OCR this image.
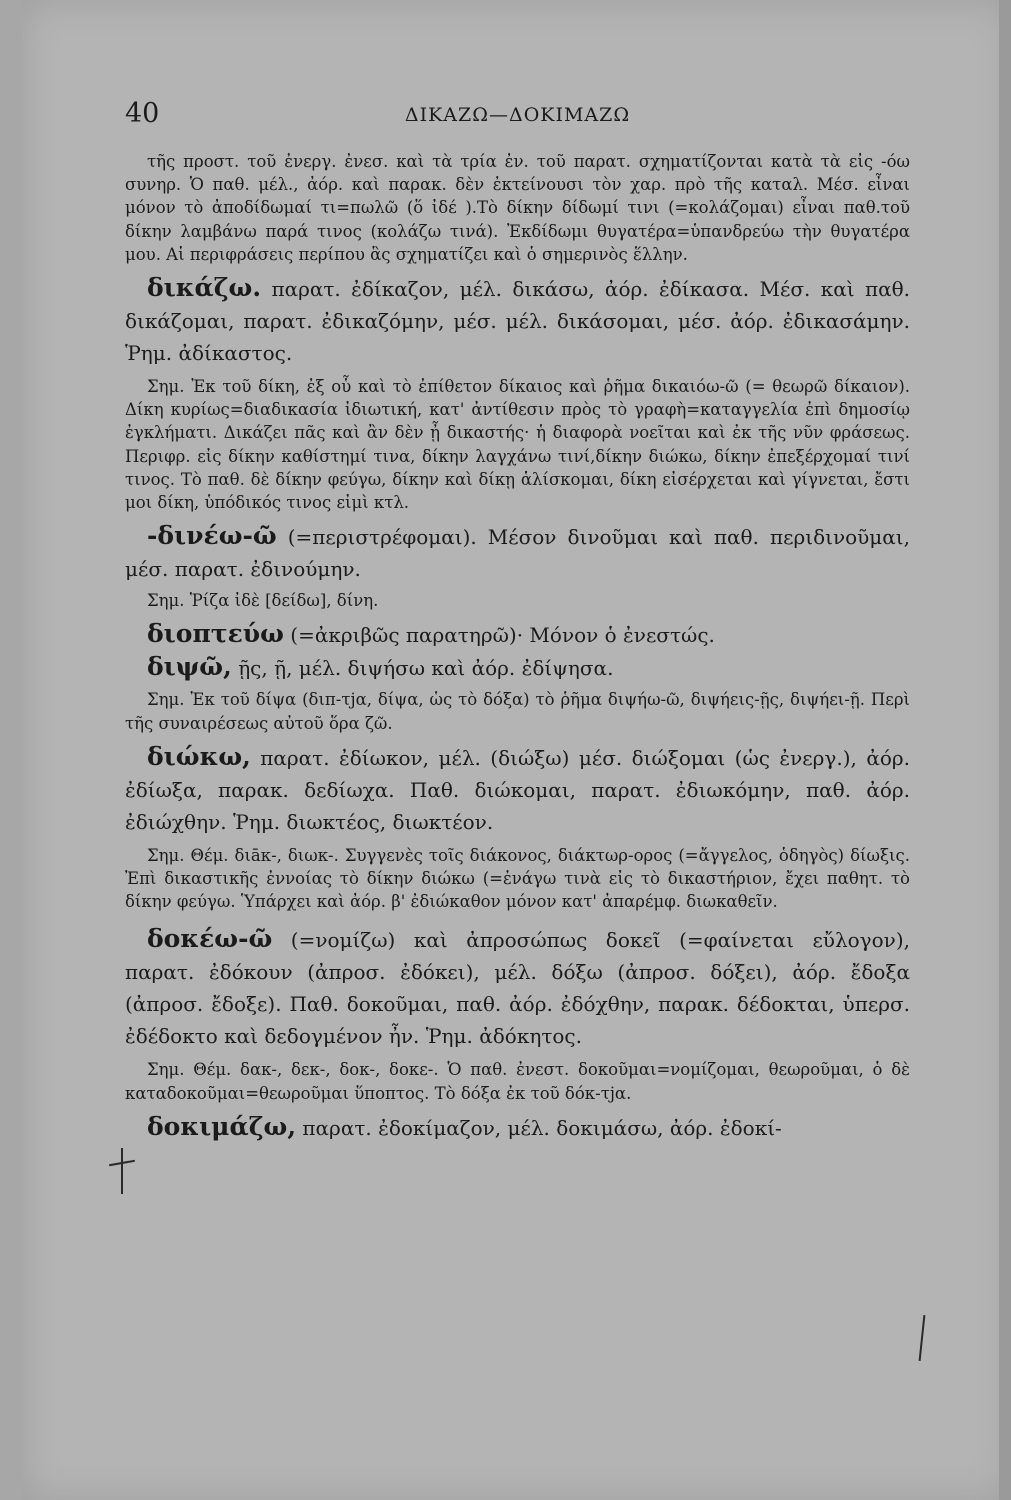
40	ΔΙΚΑΖΩ—ΔΟΚΙΜΑΖΩ

τῆς προστ. τοῦ ἐνεργ. ἐνεσ. καὶ τὰ τρία ἐν. τοῦ παρατ. σχηματίζονται κατὰ τὰ εἰς -όω συνηρ. Ὁ παθ. μέλ., ἀόρ. καὶ παρακ. δὲν ἐκτείνουσι τὸν χαρ. πρὸ τῆς καταλ. Μέσ. εἶναι μόνον τὸ ἀποδίδωμαί τι=πωλῶ (ὅ ἰδέ ).Τὸ δίκην δίδωμί τινι (=κολάζομαι) εἶναι παθ.τοῦ δίκην λαμβάνω παρά τινος (κολάζω τινά). Ἐκδίδωμι θυγατέρα=ὑπανδρεύω τὴν θυγατέρα μου. Αἱ περιφράσεις περίπου ἃς σχηματίζει καὶ ὁ σημερινὸς ἕλλην.

δικάζω. παρατ. ἐδίκαζον, μέλ. δικάσω, ἀόρ. ἐδίκασα. Μέσ. καὶ παθ. δικάζομαι, παρατ. ἐδικαζόμην, μέσ. μέλ. δικάσομαι, μέσ. ἀόρ. ἐδικασάμην. Ῥημ. ἀδίκαστος.

Σημ. Ἐκ τοῦ δίκη, ἐξ οὗ καὶ τὸ ἐπίθετον δίκαιος καὶ ῥῆμα δικαιόω-ῶ (= θεωρῶ δίκαιον). Δίκη κυρίως=διαδικασία ἰδιωτική, κατ' ἀντίθεσιν πρὸς τὸ γραφὴ=καταγγελία ἐπὶ δημοσίῳ ἐγκλήματι. Δικάζει πᾶς καὶ ἂν δὲν ᾖ δικαστής· ἡ διαφορὰ νοεῖται καὶ ἐκ τῆς νῦν φράσεως. Περιφρ. εἰς δίκην καθίστημί τινα, δίκην λαγχάνω τινί,δίκην διώκω, δίκην ἐπεξέρχομαί τινί τινος. Τὸ παθ. δὲ δίκην φεύγω, δίκην καὶ δίκῃ ἁλίσκομαι, δίκη εἰσέρχεται καὶ γίγνεται, ἔστι μοι δίκη, ὑπόδικός τινος εἰμὶ κτλ.

-δινέω-ῶ (=περιστρέφομαι). Μέσον δινοῦμαι καὶ παθ. περιδινοῦμαι, μέσ. παρατ. ἐδινούμην.

Σημ. Ῥίζα ἰδὲ [δείδω], δίνη.

διοπτεύω (=ἀκριβῶς παρατηρῶ)· Μόνον ὁ ἐνεστώς.

διψῶ, ῇς, ῇ, μέλ. διψήσω καὶ ἀόρ. ἐδίψησα.

Σημ. Ἐκ τοῦ δίψα (διπ-τjα, δίψα, ὡς τὸ δόξα) τὸ ῥῆμα διψήω-ῶ, διψήεις-ῇς, διψήει-ῇ. Περὶ τῆς συναιρέσεως αὐτοῦ ὅρα ζῶ.

διώκω, παρατ. ἐδίωκον, μέλ. (διώξω) μέσ. διώξομαι (ὡς ἐνεργ.), ἀόρ. ἐδίωξα, παρακ. δεδίωχα. Παθ. διώκομαι, παρατ. ἐδιωκόμην, παθ. ἀόρ. ἐδιώχθην. Ῥημ. διωκτέος, διωκτέον.

Σημ. Θέμ. διāκ-, διωκ-. Συγγενὲς τοῖς διάκονος, διάκτωρ-ορος (=ἄγγελος, ὁδηγὸς) δίωξις. Ἐπὶ δικαστικῆς ἐννοίας τὸ δίκην διώκω (=ἐνάγω τινὰ εἰς τὸ δικαστήριον, ἔχει παθητ. τὸ δίκην φεύγω. Ὑπάρχει καὶ ἀόρ. β' ἐδιώκαθον μόνον κατ' ἀπαρέμφ. διωκαθεῖν.

δοκέω-ῶ (=νομίζω) καὶ ἀπροσώπως δοκεῖ (=φαίνεται εὔλογον), παρατ. ἐδόκουν (ἀπροσ. ἐδόκει), μέλ. δόξω (ἀπροσ. δόξει), ἀόρ. ἔδοξα (ἀπροσ. ἔδοξε). Παθ. δοκοῦμαι, παθ. ἀόρ. ἐδόχθην, παρακ. δέδοκται, ὑπερσ. ἐδέδοκτο καὶ δεδογμένον ἦν. Ῥημ. ἀδόκητος.

Σημ. Θέμ. δακ-, δεκ-, δοκ-, δοκε-. Ὁ παθ. ἐνεστ. δοκοῦμαι=νομίζομαι, θεωροῦμαι, ὁ δὲ καταδοκοῦμαι=θεωροῦμαι ὕποπτος. Τὸ δόξα ἐκ τοῦ δόκ-τjα.

δοκιμάζω, παρατ. ἐδοκίμαζον, μέλ. δοκιμάσω, ἀόρ. ἐδοκί-
